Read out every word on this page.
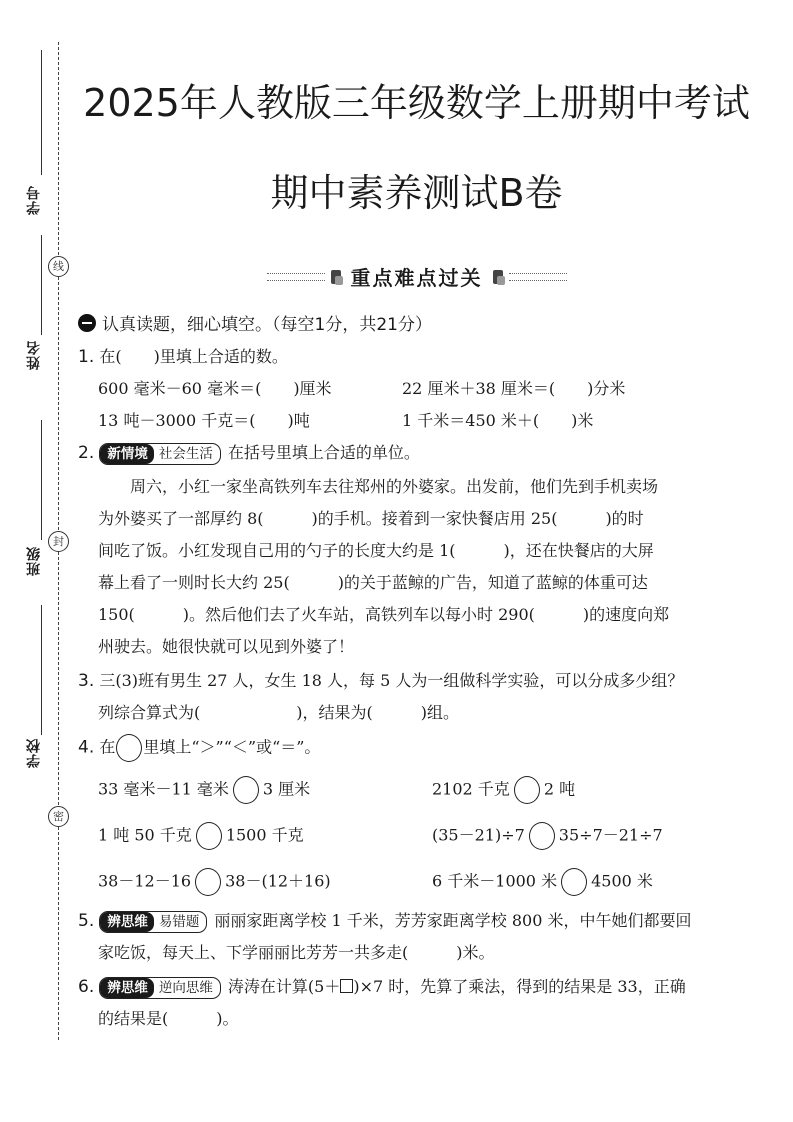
线
封
密
学号
姓名
班级
学校
2025年人教版三年级数学上册期中考试
期中素养测试B卷
重点难点过关
认真读题，细心填空。（每空1分，共21分）
1. 在(　　)里填上合适的数。
600 毫米－60 毫米＝(　　)厘米	22 厘米＋38 厘米＝(　　)分米
13 吨－3000 千克＝(　　)吨	1 千米＝450 米＋(　　)米
2. 新情境 社会生活 在括号里填上合适的单位。
　　周六，小红一家坐高铁列车去往郑州的外婆家。出发前，他们先到手机卖场
为外婆买了一部厚约 8(　　　)的手机。接着到一家快餐店用 25(　　　)的时
间吃了饭。小红发现自己用的勺子的长度大约是 1(　　　)，还在快餐店的大屏
幕上看了一则时长大约 25(　　　)的关于蓝鲸的广告，知道了蓝鲸的体重可达
150(　　　)。然后他们去了火车站，高铁列车以每小时 290(　　　)的速度向郑
州驶去。她很快就可以见到外婆了！
3. 三(3)班有男生 27 人，女生 18 人，每 5 人为一组做科学实验，可以分成多少组？
列综合算式为(　　　　　　)，结果为(　　　)组。
4. 在 里填上“＞”“＜”或“＝”。
33 毫米－11 毫米 3 厘米	2102 千克 2 吨
1 吨 50 千克 1500 千克	(35－21)÷7 35÷7－21÷7
38－12－16 38－(12＋16)	6 千米－1000 米 4500 米
5. 辨思维 易错题 丽丽家距离学校 1 千米，芳芳家距离学校 800 米，中午她们都要回
家吃饭，每天上、下学丽丽比芳芳一共多走(　　　)米。
6. 辨思维 逆向思维 涛涛在计算(5＋ )×7 时，先算了乘法，得到的结果是 33，正确
的结果是(　　　)。
